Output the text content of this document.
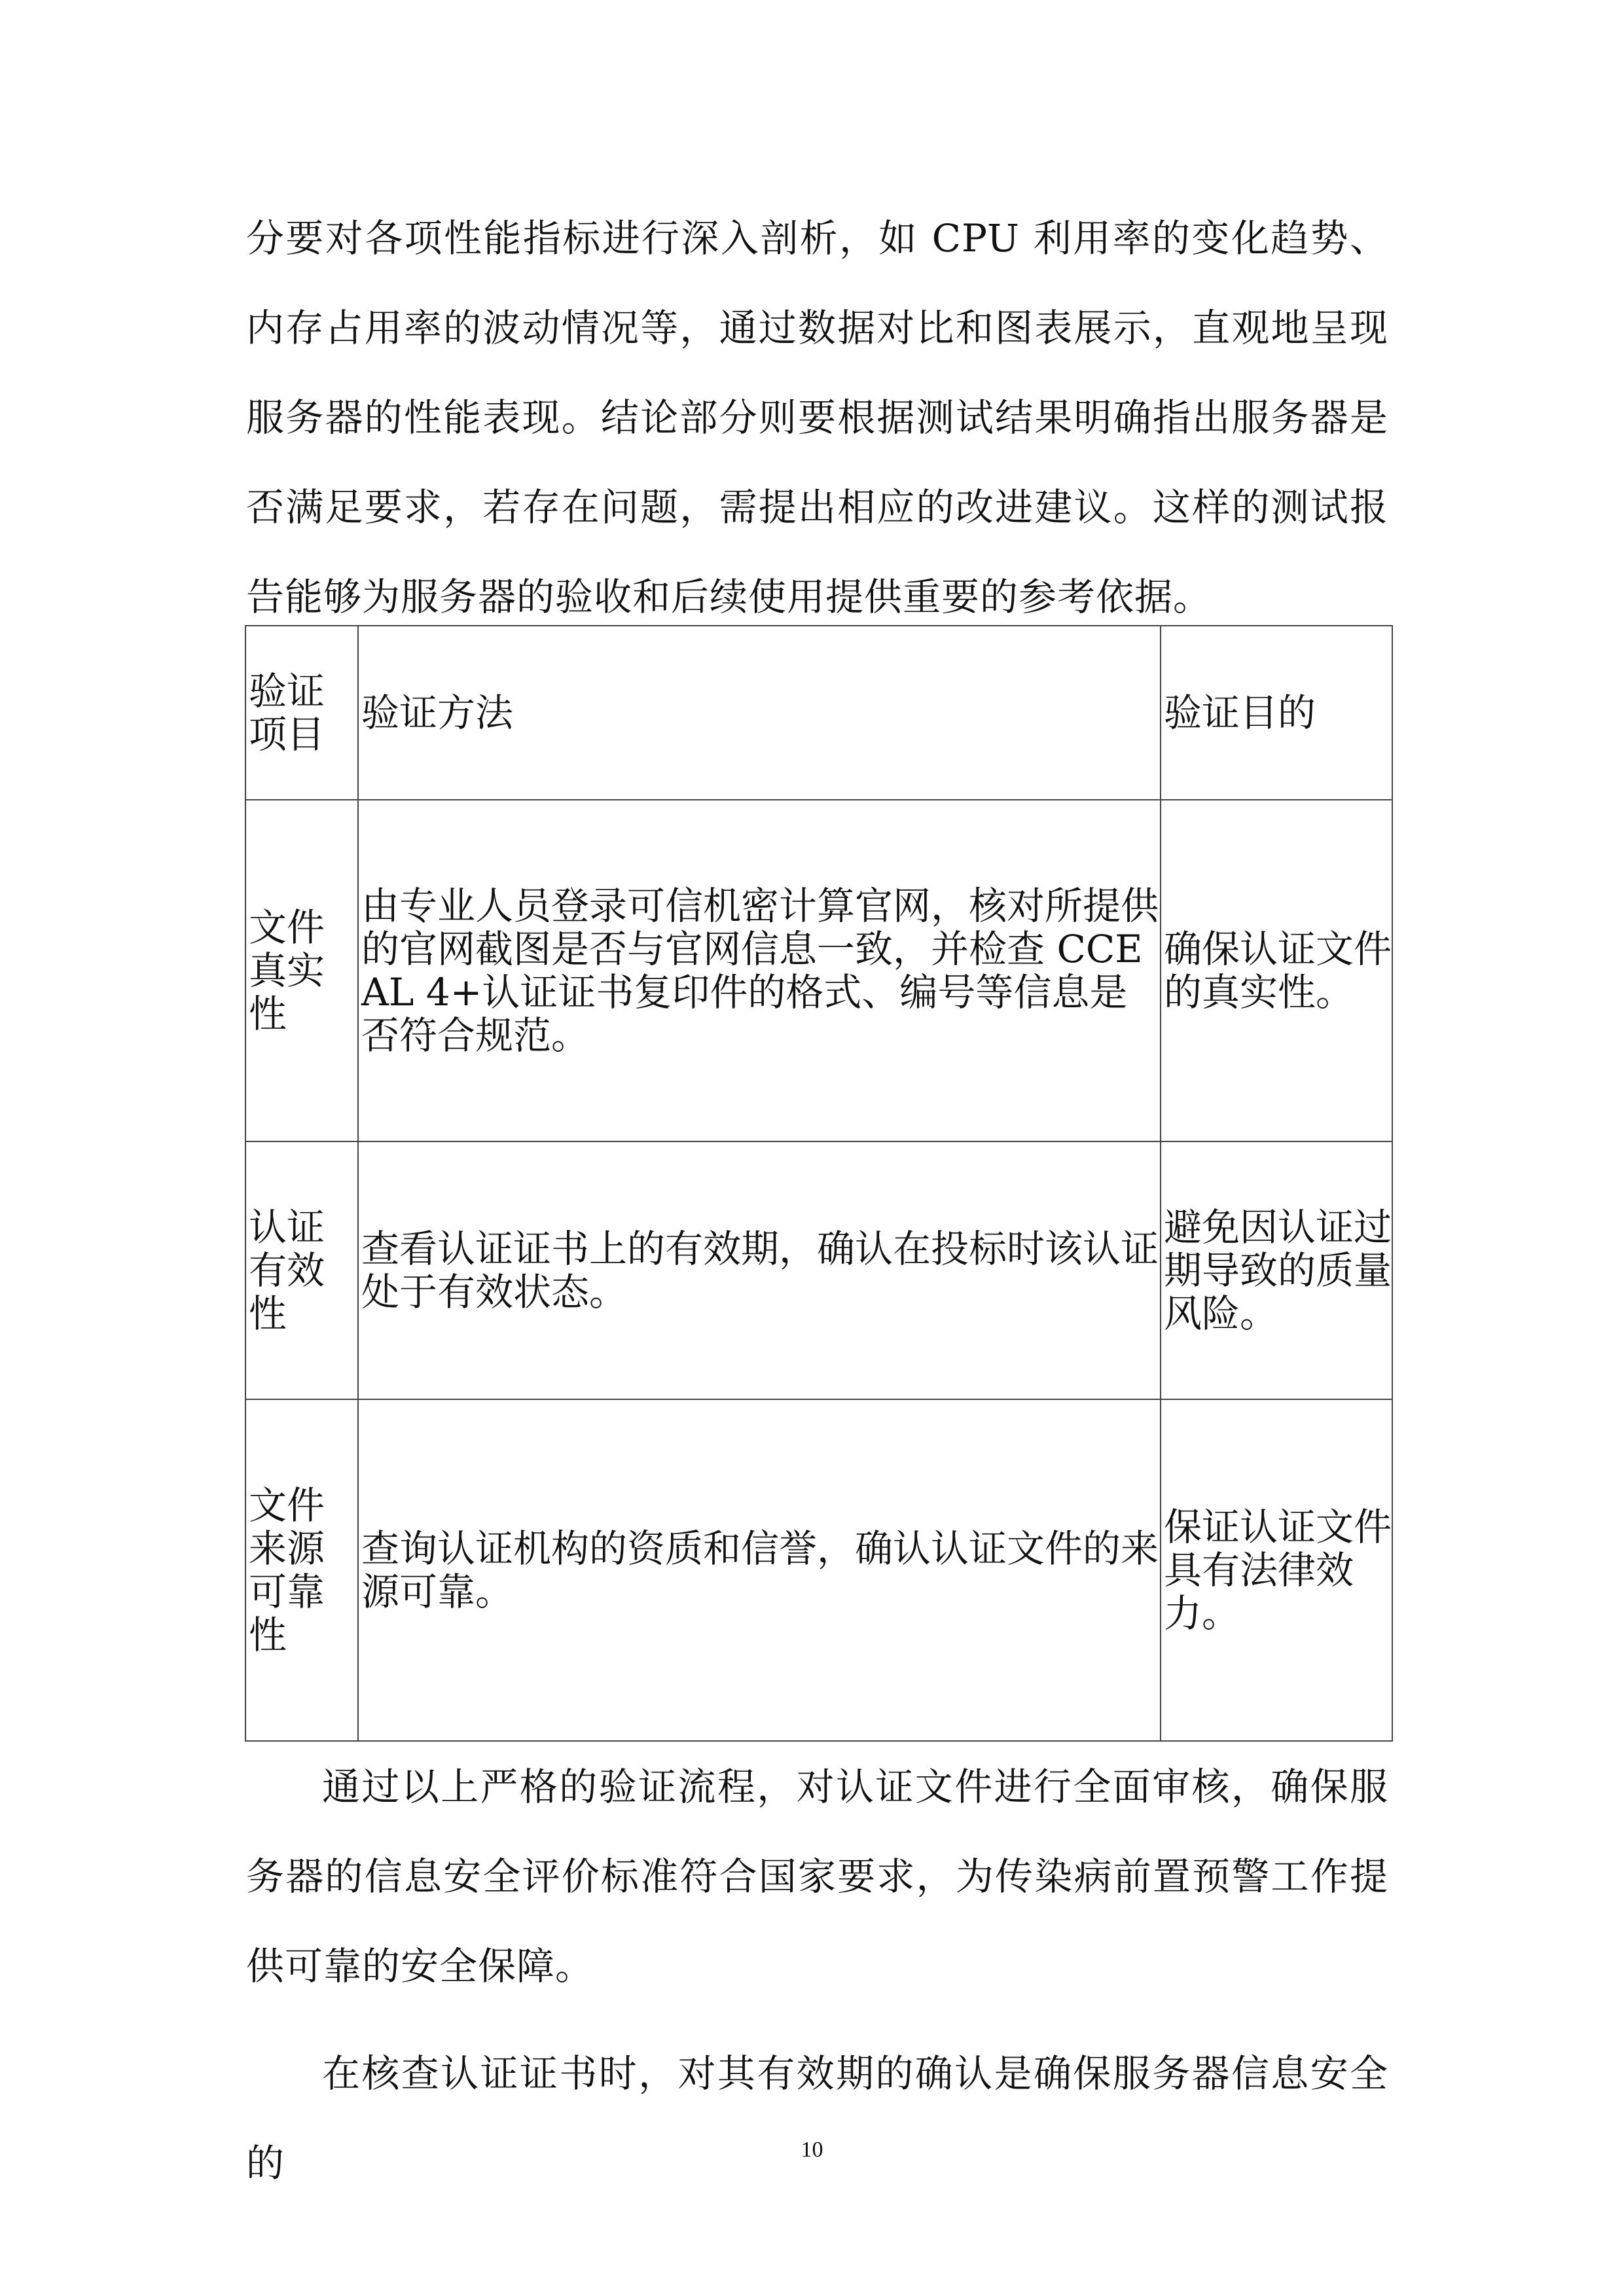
分要对各项性能指标进行深入剖析，如 CPU 利用率的变化趋势、内存占用率的波动情况等，通过数据对比和图表展示，直观地呈现服务器的性能表现。结论部分则要根据测试结果明确指出服务器是否满足要求，若存在问题，需提出相应的改进建议。这样的测试报告能够为服务器的验收和后续使用提供重要的参考依据。

验证项目	验证方法	验证目的
文件真实性	由专业人员登录可信机密计算官网，核对所提供的官网截图是否与官网信息一致，并检查 CCEAL 4+认证证书复印件的格式、编号等信息是否符合规范。	确保认证文件的真实性。
认证有效性	查看认证证书上的有效期，确认在投标时该认证处于有效状态。	避免因认证过期导致的质量风险。
文件来源可靠性	查询认证机构的资质和信誉，确认认证文件的来源可靠。	保证认证文件具有法律效力。

通过以上严格的验证流程，对认证文件进行全面审核，确保服务器的信息安全评价标准符合国家要求，为传染病前置预警工作提供可靠的安全保障。

在核查认证证书时，对其有效期的确认是确保服务器信息安全的	10
